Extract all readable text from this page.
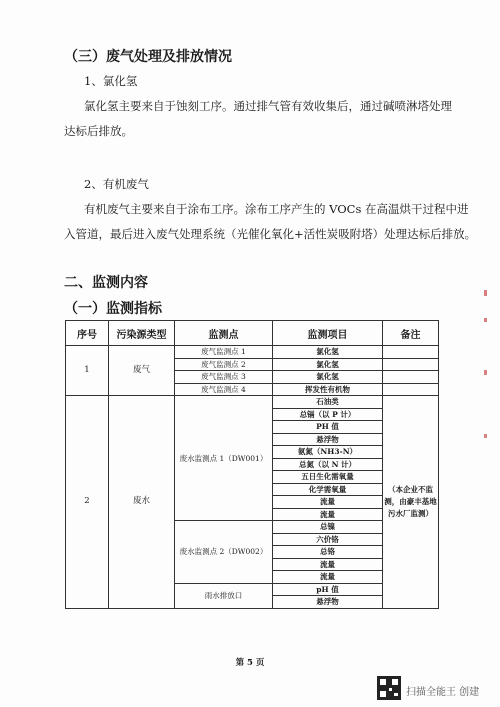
（三）废气处理及排放情况
1、氯化氢
氯化氢主要来自于蚀刻工序。通过排气管有效收集后，通过碱喷淋塔处理
达标后排放。
2、有机废气
有机废气主要来自于涂布工序。涂布工序产生的 VOCs 在高温烘干过程中进
入管道，最后进入废气处理系统（光催化氧化+活性炭吸附塔）处理达标后排放。
二、监测内容
（一）监测指标
序号	污染源类型	监测点	监测项目	备注
1	废气	废气监测点 1	氯化氢	
		废气监测点 2	氯化氢	
		废气监测点 3	氯化氢	
		废气监测点 4	挥发性有机物	
2	废水	废水监测点 1（DW001）	石油类	（本企业不监测，由豪丰基地污水厂监测）
			总镉（以 P 计）	
			PH 值	
			悬浮物	
			氨氮（NH3-N）	
			总氮（以 N 计）	
			五日生化需氧量	
			化学需氧量	
			流量	
			流量	
		废水监测点 2（DW002）	总镍	
			六价铬	
			总铬	
			流量	
			流量	
		雨水排放口	pH 值	
			悬浮物	
第 5 页
扫描全能王 创建
